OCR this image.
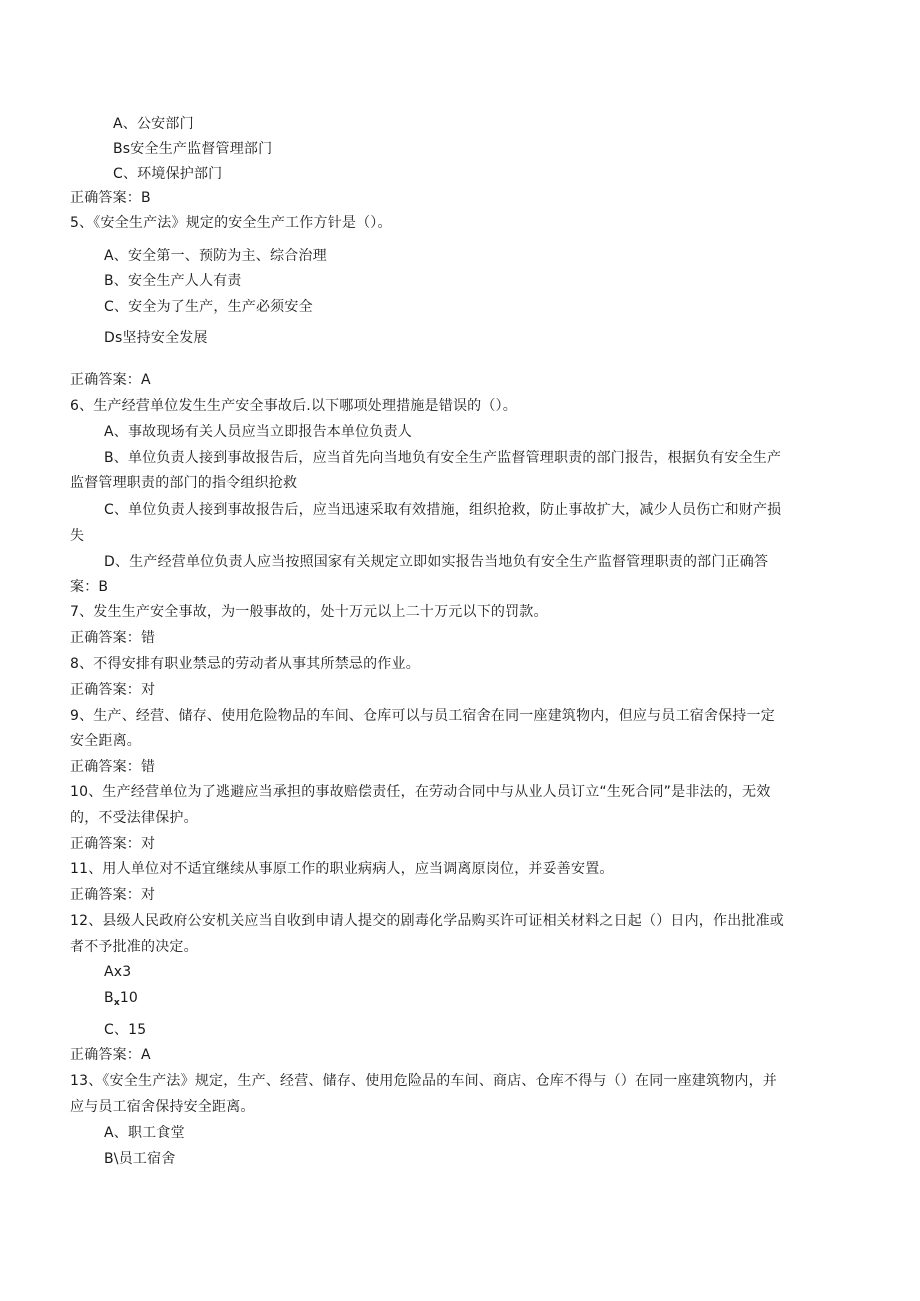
A、公安部门
Bs安全生产监督管理部门
C、环境保护部门
正确答案：B
5、《安全生产法》规定的安全生产工作方针是（）。
A、安全第一、预防为主、综合治理
B、安全生产人人有责
C、安全为了生产，生产必须安全
Ds坚持安全发展
正确答案：A
6、生产经营单位发生生产安全事故后.以下哪项处理措施是错误的（）。
A、事故现场有关人员应当立即报告本单位负责人
B、单位负责人接到事故报告后，应当首先向当地负有安全生产监督管理职责的部门报告，根据负有安全生产
监督管理职责的部门的指令组织抢救
C、单位负责人接到事故报告后，应当迅速采取有效措施，组织抢救，防止事故扩大，减少人员伤亡和财产损
失
D、生产经营单位负责人应当按照国家有关规定立即如实报告当地负有安全生产监督管理职责的部门正确答
案：B
7、发生生产安全事故，为一般事故的，处十万元以上二十万元以下的罚款。
正确答案：错
8、不得安排有职业禁忌的劳动者从事其所禁忌的作业。
正确答案：对
9、生产、经营、储存、使用危险物品的车间、仓库可以与员工宿舍在同一座建筑物内，但应与员工宿舍保持一定
安全距离。
正确答案：错
10、生产经营单位为了逃避应当承担的事故赔偿责任，在劳动合同中与从业人员订立“生死合同”是非法的，无效
的，不受法律保护。
正确答案：对
11、用人单位对不适宜继续从事原工作的职业病病人，应当调离原岗位，并妥善安置。
正确答案：对
12、县级人民政府公安机关应当自收到申请人提交的剧毒化学品购买许可证相关材料之日起（）日内，作出批准或
者不予批准的决定。
Ax3
$B_x10$
C、15
正确答案：A
13、《安全生产法》规定，生产、经营、储存、使用危险品的车间、商店、仓库不得与（）在同一座建筑物内，并
应与员工宿舍保持安全距离。
A、职工食堂
B\员工宿舍
